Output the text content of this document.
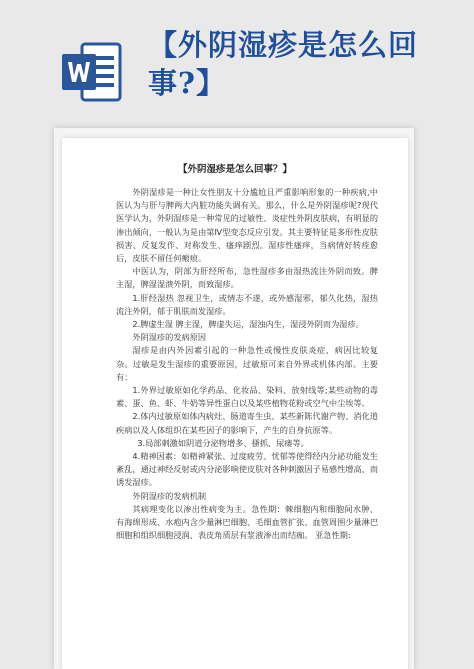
【外阴湿疹是怎么回事?】
【外阴湿疹是怎么回事？】

外阴湿疹是一种让女性朋友十分尴尬且严重影响形象的一种疾病,中医认为与肝与脾两大内脏功能失调有关。那么，什么是外阴湿疹呢?现代医学认为，外阴湿疹是一种常见的过敏性、炎症性外阴皮肤病，有明显的渗出倾向，一般认为是由第Ⅳ型变态反应引发。其主要特征是多形性皮肤损害、反复发作、对称发生、瘙痒剧烈。湿疹性瘙痒，当病情好转痊愈后，皮肤不留任何瘢痕。

中医认为，阴部为肝经所布，急性湿疹多由湿热流注外阴而致。脾主湿，脾湿湿溃外阴，而致湿疹。

1.肝经湿热 忽视卫生，或情志不遂，或外感湿邪，郁久化热，湿热流注外阴，郁于肌肤而发湿疹。

2.脾虚生湿 脾主湿，脾虚失运，湿浊内生，湿浸外阴而为湿疹。

外阴湿疹的发病原因

湿疹是由内外因素引起的一种急性或慢性皮肤炎症，病因比较复杂。过敏是发生湿疹的重要原因，过敏原可来自外界或机体内部。主要有：

1.外界过敏原如化学药品、化妆品、染料、放射线等;某些动物的毒素、蛋、鱼、虾、牛奶等异性蛋白以及某些植物花粉或空气中尘埃等。

2.体内过敏原如体内病灶、肠道寄生虫、某些新陈代谢产物、消化道疾病以及人体组织在某些因子的影响下，产生的自身抗原等。

3.局部刺激如阴道分泌物增多、搔抓、尿瘘等。

4.精神因素：如精神紧张、过度疲劳、忧郁等使得经内分泌功能发生紊乱，通过神经反射或内分泌影响使皮肤对各种刺激因子易感性增高，而诱发湿疹。

外阴湿疹的发病机制

其病理变化以渗出性病变为主。急性期：棘细胞内和细胞间水肿、有海绵形成、水疱内含少量淋巴细胞、毛细血管扩张、血管周围少量淋巴细胞和组织细胞浸润、表皮角质层有浆液渗出而结痂。 亚急性期:
